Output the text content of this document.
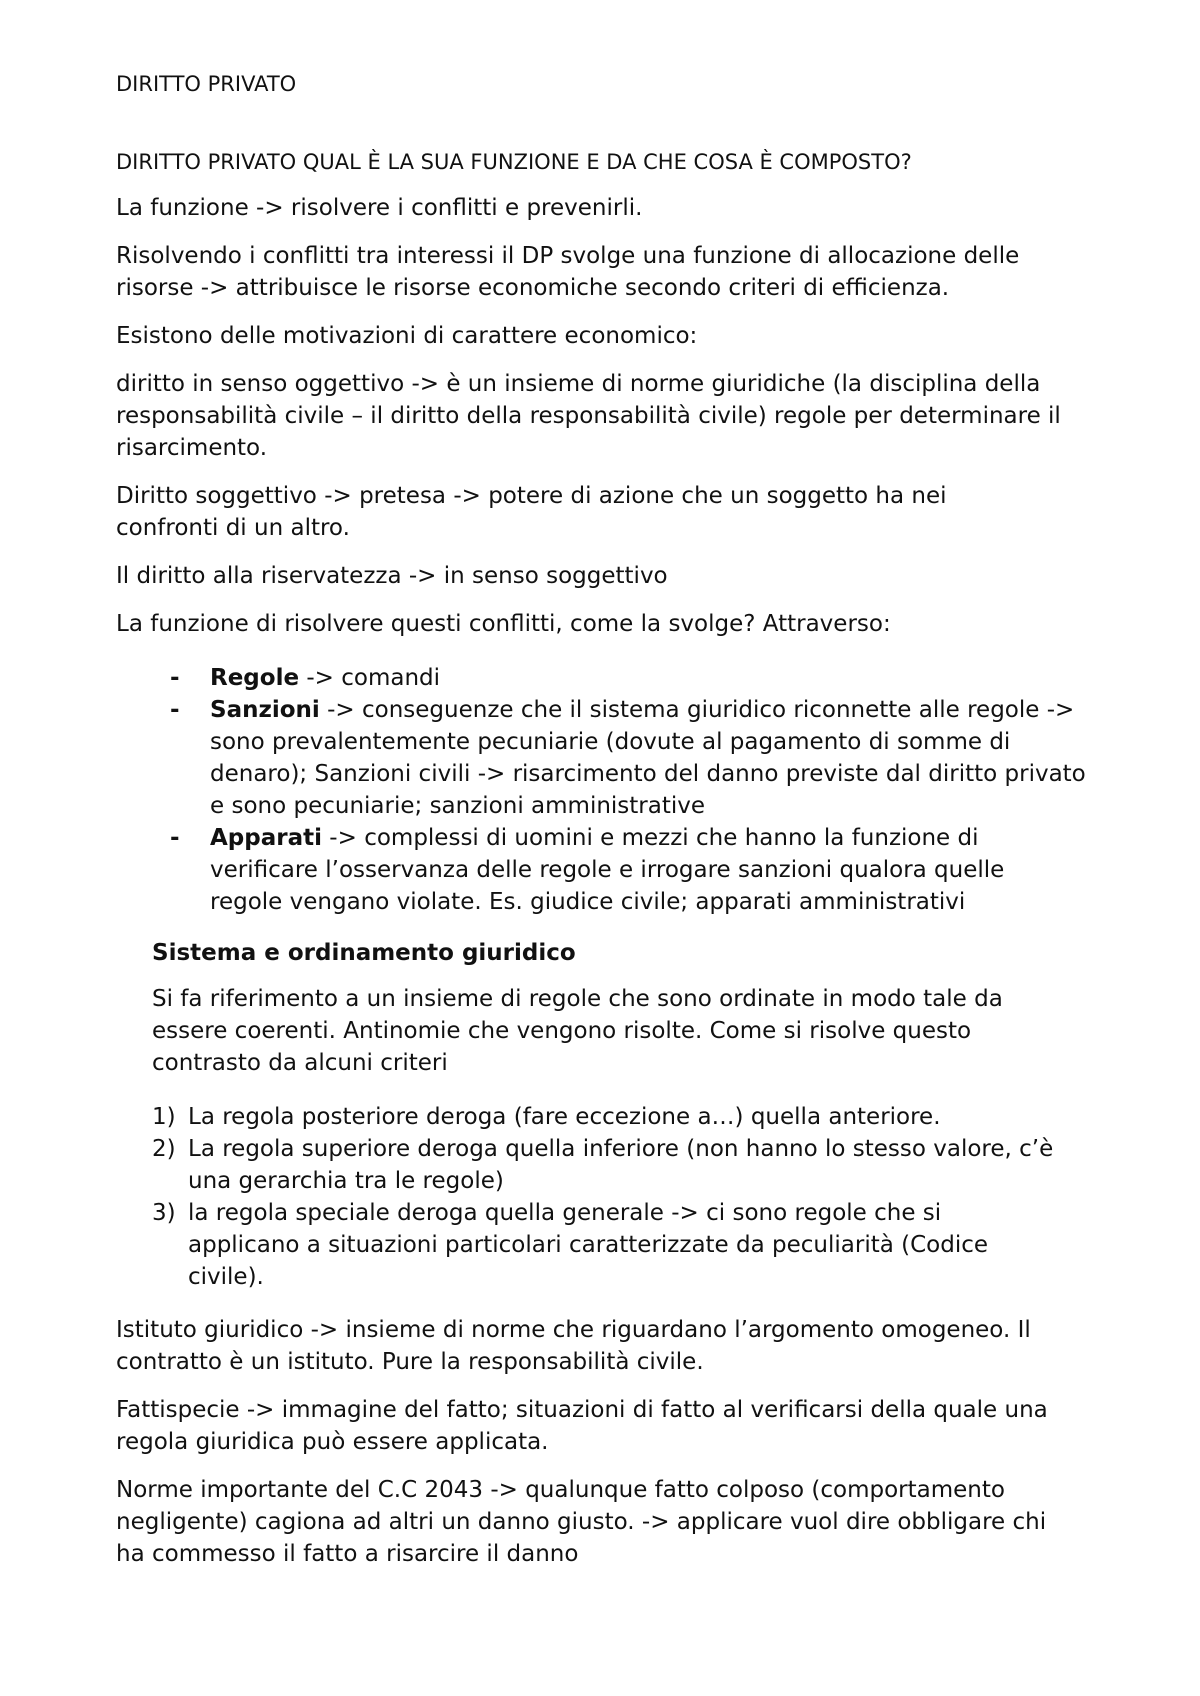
DIRITTO PRIVATO

DIRITTO PRIVATO QUAL È LA SUA FUNZIONE E DA CHE COSA È COMPOSTO?

La funzione -> risolvere i conflitti e prevenirli.

Risolvendo i conflitti tra interessi il DP svolge una funzione di allocazione delle risorse -> attribuisce le risorse economiche secondo criteri di efficienza.

Esistono delle motivazioni di carattere economico:

diritto in senso oggettivo -> è un insieme di norme giuridiche (la disciplina della responsabilità civile – il diritto della responsabilità civile) regole per determinare il risarcimento.

Diritto soggettivo -> pretesa -> potere di azione che un soggetto ha nei confronti di un altro.

Il diritto alla riservatezza -> in senso soggettivo

La funzione di risolvere questi conflitti, come la svolge? Attraverso:

-	Regole -> comandi
-	Sanzioni -> conseguenze che il sistema giuridico riconnette alle regole -> sono prevalentemente pecuniarie (dovute al pagamento di somme di denaro); Sanzioni civili -> risarcimento del danno previste dal diritto privato e sono pecuniarie; sanzioni amministrative
-	Apparati -> complessi di uomini e mezzi che hanno la funzione di verificare l’osservanza delle regole e irrogare sanzioni qualora quelle regole vengano violate. Es. giudice civile; apparati amministrativi

Sistema e ordinamento giuridico

Si fa riferimento a un insieme di regole che sono ordinate in modo tale da essere coerenti. Antinomie che vengono risolte. Come si risolve questo contrasto da alcuni criteri

1) La regola posteriore deroga (fare eccezione a…) quella anteriore.
2) La regola superiore deroga quella inferiore (non hanno lo stesso valore, c’è una gerarchia tra le regole)
3) la regola speciale deroga quella generale -> ci sono regole che si applicano a situazioni particolari caratterizzate da peculiarità (Codice civile).

Istituto giuridico -> insieme di norme che riguardano l’argomento omogeneo. Il contratto è un istituto. Pure la responsabilità civile.

Fattispecie -> immagine del fatto; situazioni di fatto al verificarsi della quale una regola giuridica può essere applicata.

Norme importante del C.C 2043 -> qualunque fatto colposo (comportamento negligente) cagiona ad altri un danno giusto. -> applicare vuol dire obbligare chi ha commesso il fatto a risarcire il danno
